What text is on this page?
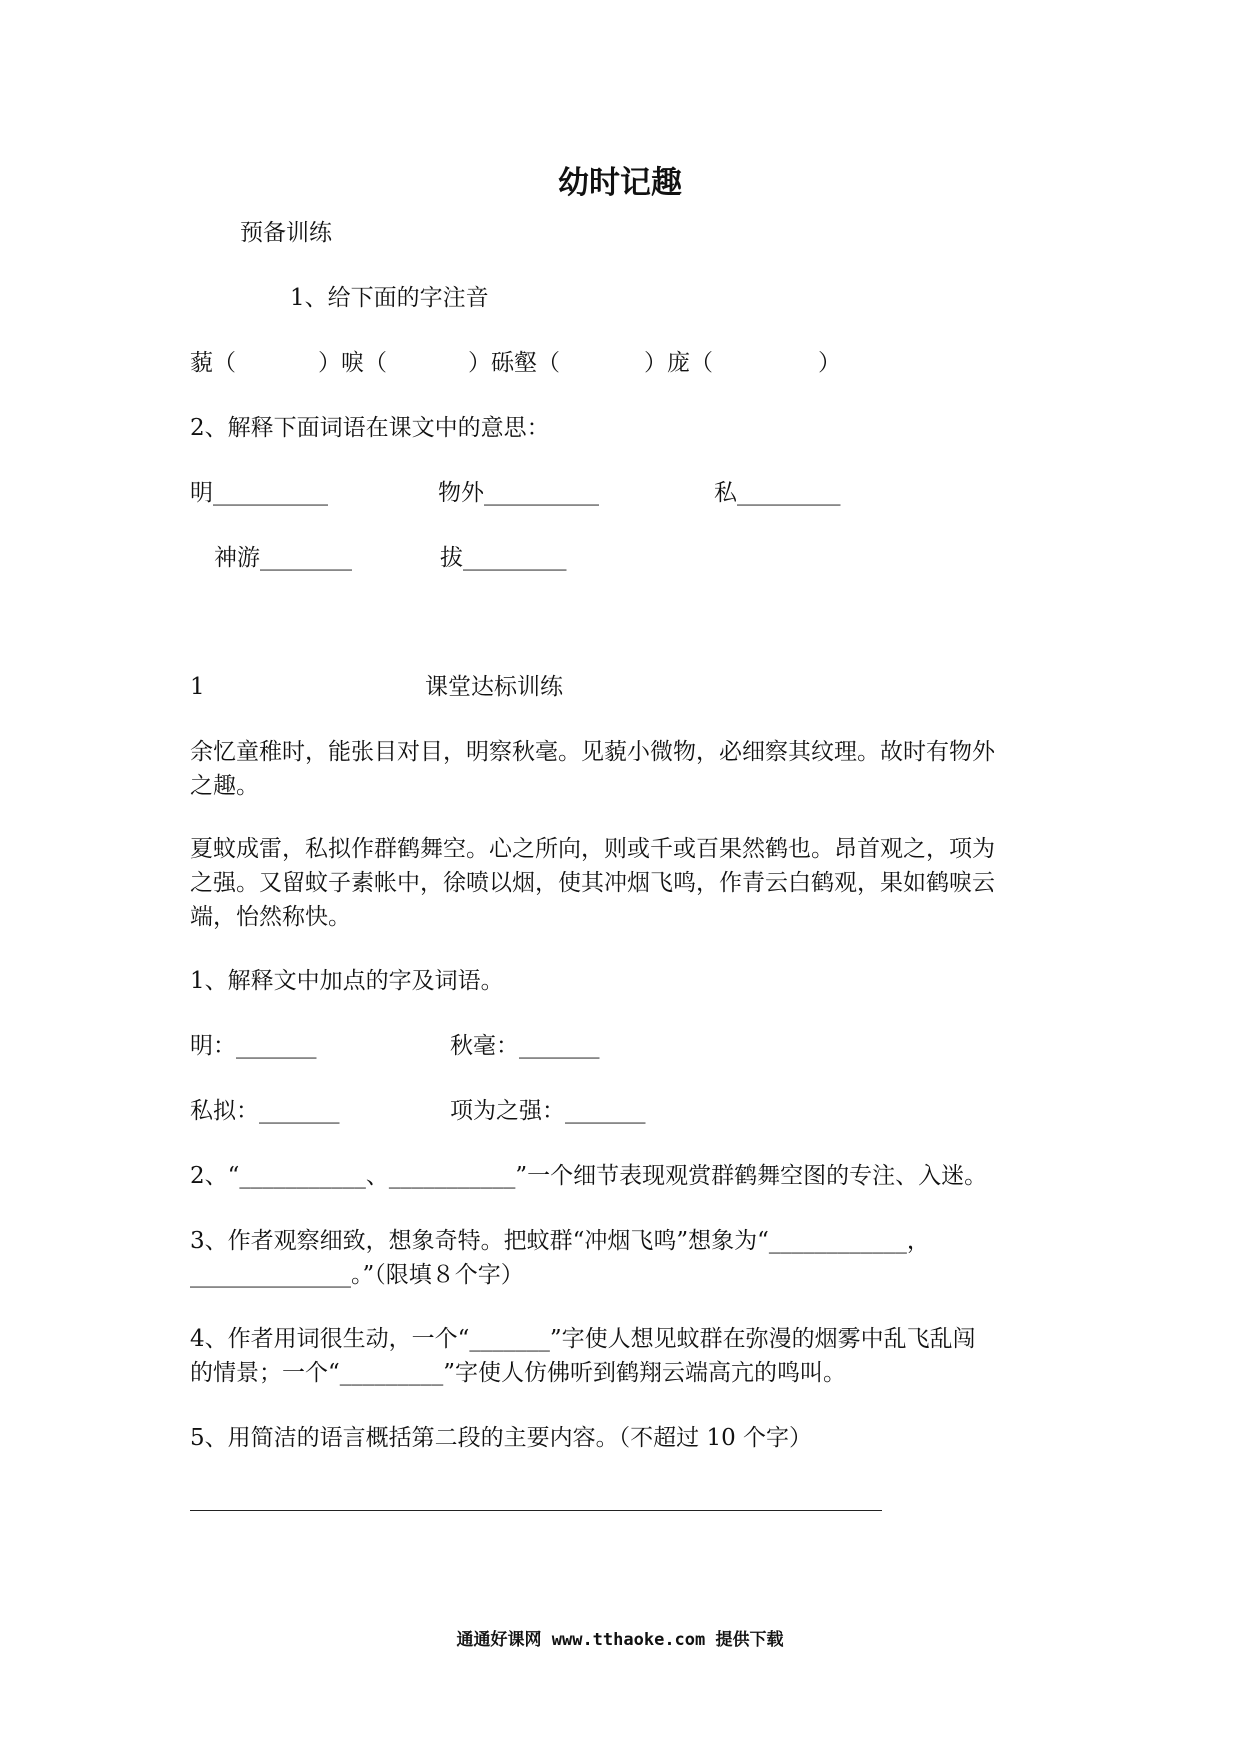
幼时记趣
预备训练
1、给下面的字注音
藐（	）唳（	）砾壑（	）庞（	）
2、解释下面词语在课文中的意思：
明__________	物外__________	私_________
神游________	拔_________
1	课堂达标训练
余忆童稚时，能张目对目，明察秋毫。见藐小微物，必细察其纹理。故时有物外
之趣。
夏蚊成雷，私拟作群鹤舞空。心之所向，则或千或百果然鹤也。昂首观之，项为
之强。又留蚊子素帐中，徐喷以烟，使其冲烟飞鸣，作青云白鹤观，果如鹤唳云
端，怡然称快。
1、解释文中加点的字及词语。
明：_______	秋毫：_______
私拟：_______	项为之强：_______
2、“___________、___________”一个细节表现观赏群鹤舞空图的专注、入迷。
3、作者观察细致，想象奇特。把蚊群“冲烟飞鸣”想象为“____________，
______________。”（限填８个字）
4、作者用词很生动，一个“_______”字使人想见蚊群在弥漫的烟雾中乱飞乱闯
的情景；一个“_________”字使人仿佛听到鹤翔云端高亢的鸣叫。
5、用简洁的语言概括第二段的主要内容。（不超过 10 个字）
通通好课网 www.tthaoke.com 提供下载
